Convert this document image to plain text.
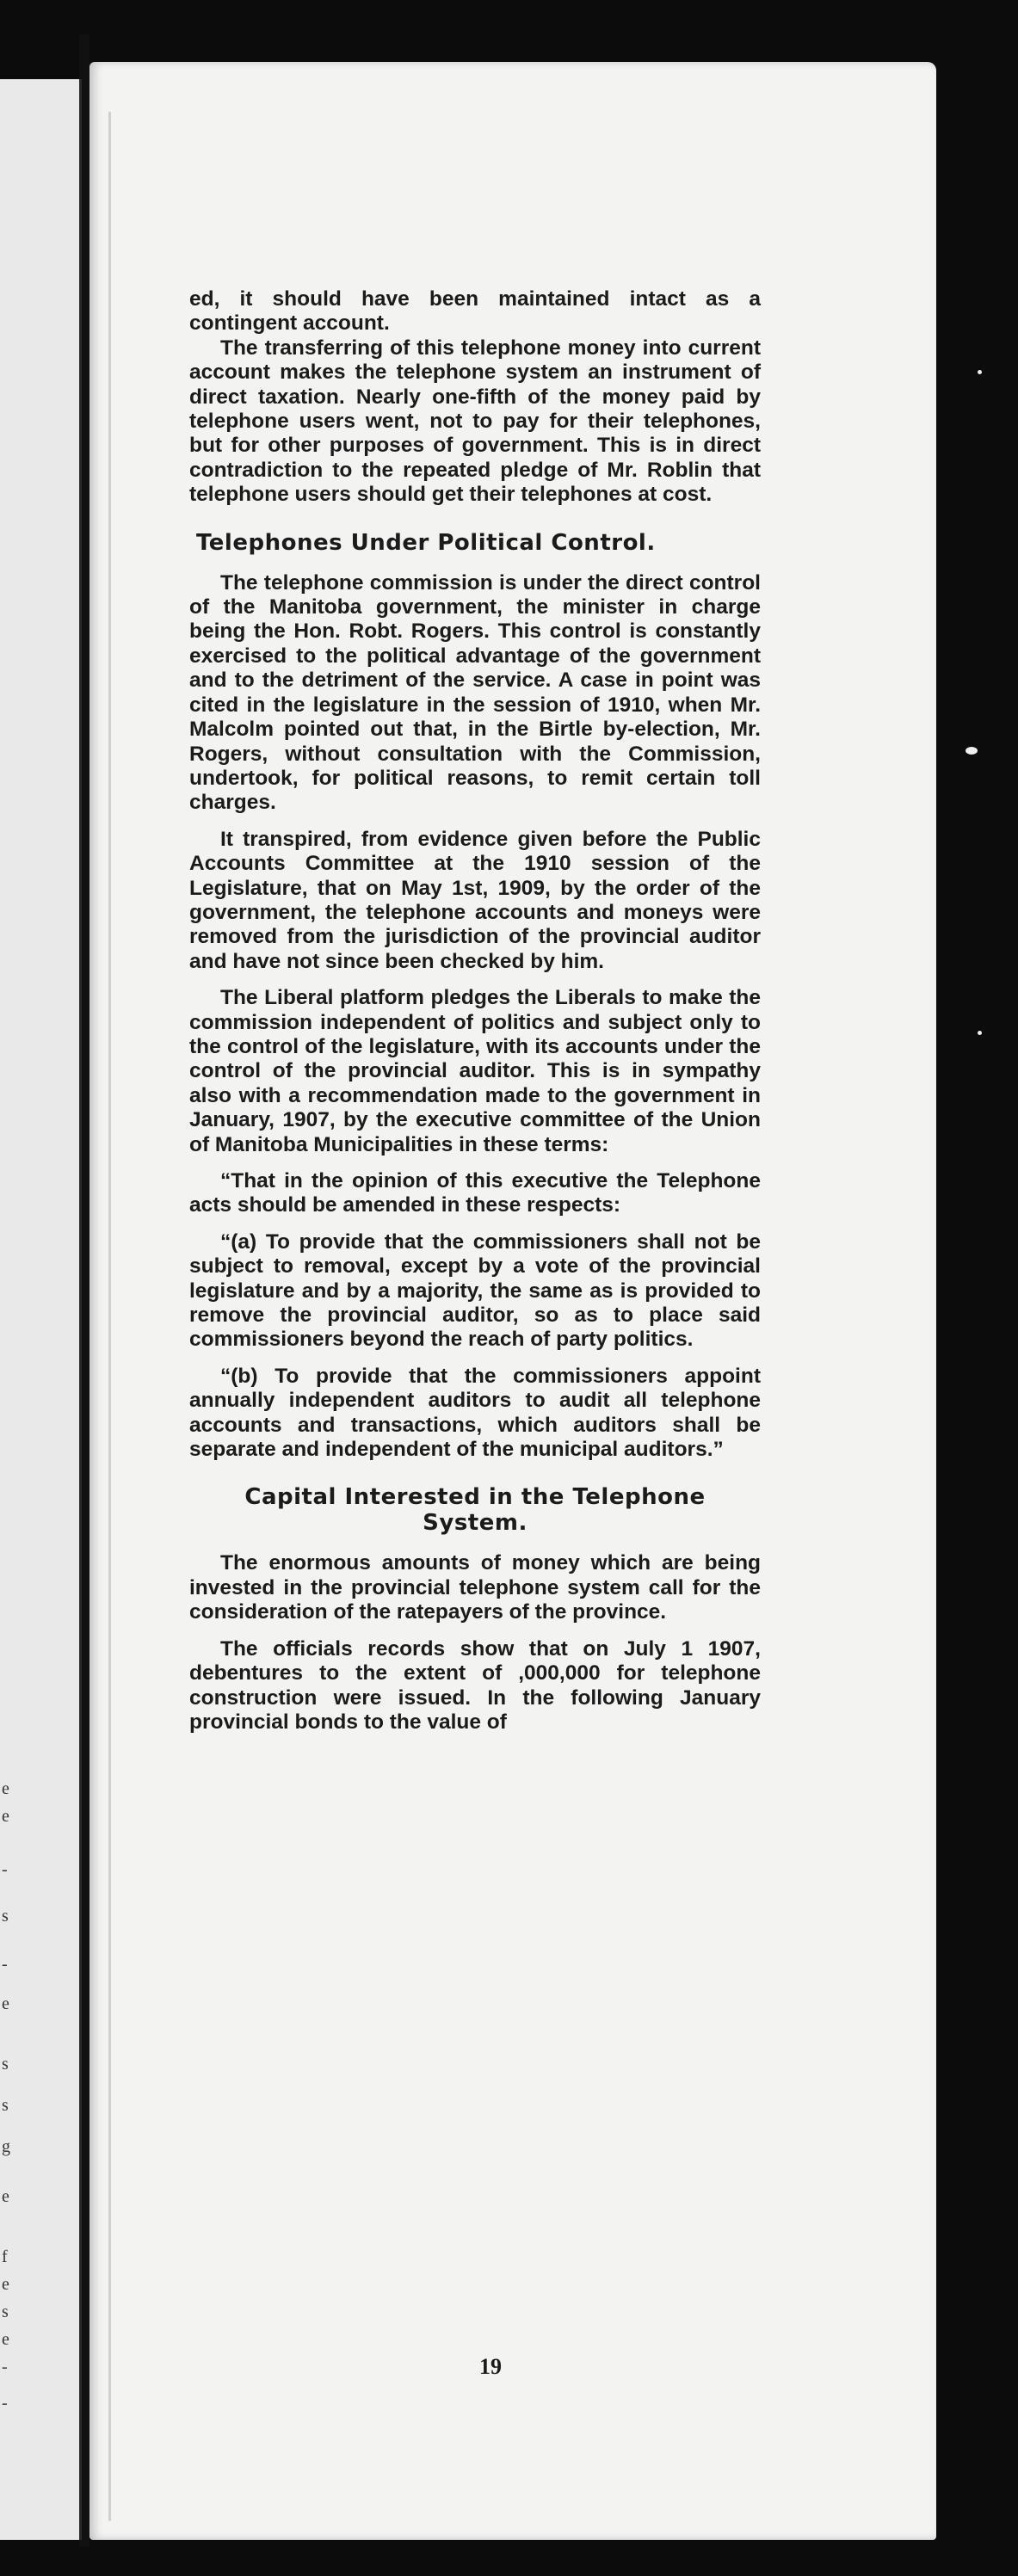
e
e
-
s
-
e
s
s
g
e
f
e
s
e
-
-

ed, it should have been maintained intact as a contingent account.

The transferring of this telephone money into current account makes the telephone system an instrument of direct taxation. Nearly one-fifth of the money paid by telephone users went, not to pay for their telephones, but for other purposes of government. This is in direct contradiction to the repeated pledge of Mr. Roblin that telephone users should get their telephones at cost.

Telephones Under Political Control.

The telephone commission is under the direct control of the Manitoba government, the minister in charge being the Hon. Robt. Rogers. This control is constantly exercised to the political advantage of the government and to the detriment of the service. A case in point was cited in the legislature in the session of 1910, when Mr. Malcolm pointed out that, in the Birtle by-election, Mr. Rogers, without consultation with the Commission, undertook, for political reasons, to remit certain toll charges.

It transpired, from evidence given before the Public Accounts Committee at the 1910 session of the Legislature, that on May 1st, 1909, by the order of the government, the telephone accounts and moneys were removed from the jurisdiction of the provincial auditor and have not since been checked by him.

The Liberal platform pledges the Liberals to make the commission independent of politics and subject only to the control of the legislature, with its accounts under the control of the provincial auditor. This is in sympathy also with a recommendation made to the government in January, 1907, by the executive committee of the Union of Manitoba Municipalities in these terms:

“That in the opinion of this executive the Telephone acts should be amended in these respects:

“(a) To provide that the commissioners shall not be subject to removal, except by a vote of the provincial legislature and by a majority, the same as is provided to remove the provincial auditor, so as to place said commissioners beyond the reach of party politics.

“(b) To provide that the commissioners appoint annually independent auditors to audit all telephone accounts and transactions, which auditors shall be separate and independent of the municipal auditors.”

Capital Interested in the Telephone System.

The enormous amounts of money which are being invested in the provincial telephone system call for the consideration of the ratepayers of the province.

The officials records show that on July 1 1907, debentures to the extent of ,000,000 for telephone construction were issued. In the following January provincial bonds to the value of

19
